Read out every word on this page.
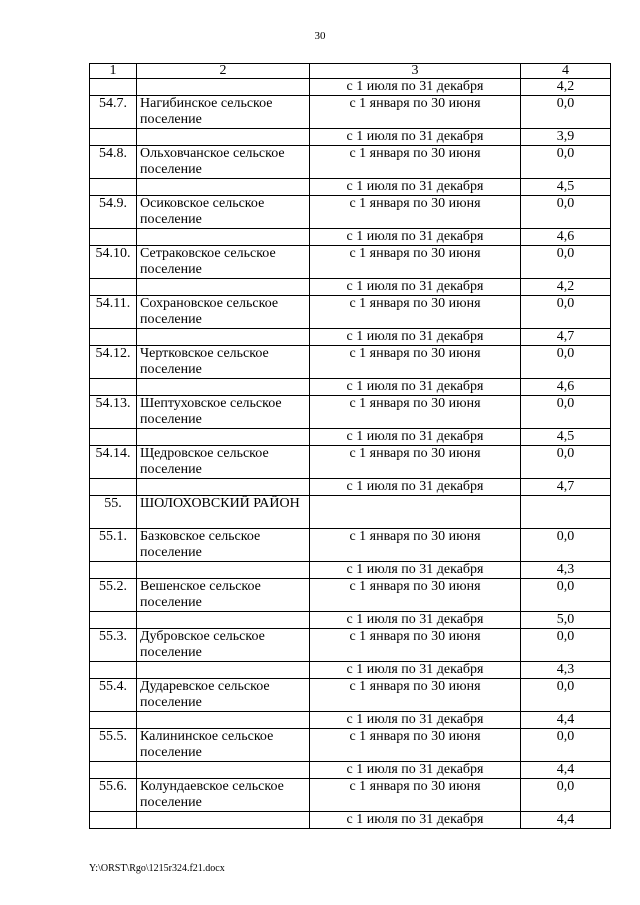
30
1	2	3	4
		с 1 июля по 31 декабря	4,2
54.7.	Нагибинское сельское поселение	с 1 января по 30 июня	0,0
		с 1 июля по 31 декабря	3,9
54.8.	Ольховчанское сельское поселение	с 1 января по 30 июня	0,0
		с 1 июля по 31 декабря	4,5
54.9.	Осиковское сельское поселение	с 1 января по 30 июня	0,0
		с 1 июля по 31 декабря	4,6
54.10.	Сетраковское сельское поселение	с 1 января по 30 июня	0,0
		с 1 июля по 31 декабря	4,2
54.11.	Сохрановское сельское поселение	с 1 января по 30 июня	0,0
		с 1 июля по 31 декабря	4,7
54.12.	Чертковское сельское поселение	с 1 января по 30 июня	0,0
		с 1 июля по 31 декабря	4,6
54.13.	Шептуховское сельское поселение	с 1 января по 30 июня	0,0
		с 1 июля по 31 декабря	4,5
54.14.	Щедровское сельское поселение	с 1 января по 30 июня	0,0
		с 1 июля по 31 декабря	4,7
55.	ШОЛОХОВСКИЙ РАЙОН		
55.1.	Базковское сельское поселение	с 1 января по 30 июня	0,0
		с 1 июля по 31 декабря	4,3
55.2.	Вешенское сельское поселение	с 1 января по 30 июня	0,0
		с 1 июля по 31 декабря	5,0
55.3.	Дубровское сельское поселение	с 1 января по 30 июня	0,0
		с 1 июля по 31 декабря	4,3
55.4.	Дударевское сельское поселение	с 1 января по 30 июня	0,0
		с 1 июля по 31 декабря	4,4
55.5.	Калининское сельское поселение	с 1 января по 30 июня	0,0
		с 1 июля по 31 декабря	4,4
55.6.	Колундаевское сельское поселение	с 1 января по 30 июня	0,0
		с 1 июля по 31 декабря	4,4
Y:\ORST\Rgo\1215r324.f21.docx
